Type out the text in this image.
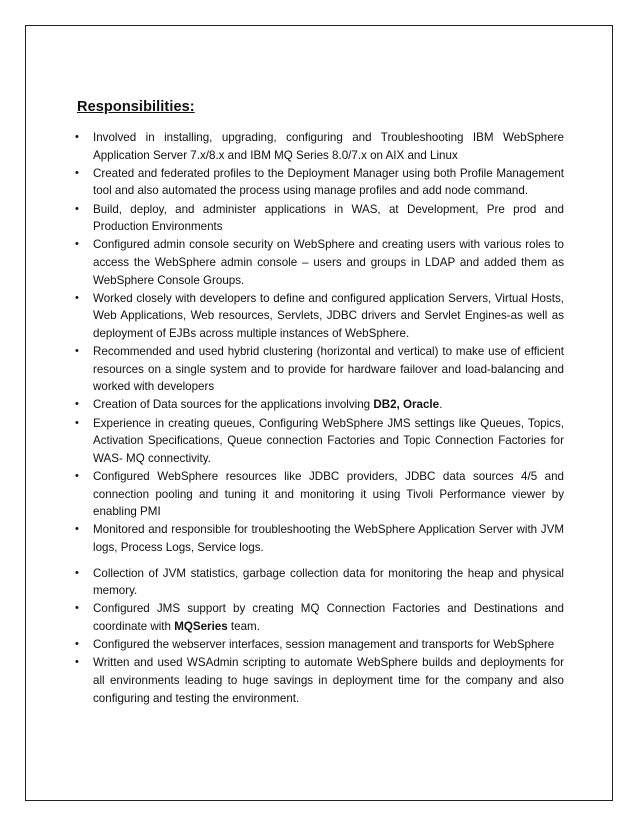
Responsibilities:
• Involved in installing, upgrading, configuring and Troubleshooting IBM WebSphere Application Server 7.x/8.x and IBM MQ Series 8.0/7.x on AIX and Linux
• Created and federated profiles to the Deployment Manager using both Profile Management tool and also automated the process using manage profiles and add node command.
• Build, deploy, and administer applications in WAS, at Development, Pre prod and Production Environments
• Configured admin console security on WebSphere and creating users with various roles to access the WebSphere admin console – users and groups in LDAP and added them as WebSphere Console Groups.
• Worked closely with developers to define and configured application Servers, Virtual Hosts, Web Applications, Web resources, Servlets, JDBC drivers and Servlet Engines-as well as deployment of EJBs across multiple instances of WebSphere.
• Recommended and used hybrid clustering (horizontal and vertical) to make use of efficient resources on a single system and to provide for hardware failover and load-balancing and worked with developers
• Creation of Data sources for the applications involving DB2, Oracle.
• Experience in creating queues, Configuring WebSphere JMS settings like Queues, Topics, Activation Specifications, Queue connection Factories and Topic Connection Factories for WAS- MQ connectivity.
• Configured WebSphere resources like JDBC providers, JDBC data sources 4/5 and connection pooling and tuning it and monitoring it using Tivoli Performance viewer by enabling PMI
• Monitored and responsible for troubleshooting the WebSphere Application Server with JVM logs, Process Logs, Service logs.
• Collection of JVM statistics, garbage collection data for monitoring the heap and physical memory.
• Configured JMS support by creating MQ Connection Factories and Destinations and coordinate with MQSeries team.
• Configured the webserver interfaces, session management and transports for WebSphere
• Written and used WSAdmin scripting to automate WebSphere builds and deployments for all environments leading to huge savings in deployment time for the company and also configuring and testing the environment.
